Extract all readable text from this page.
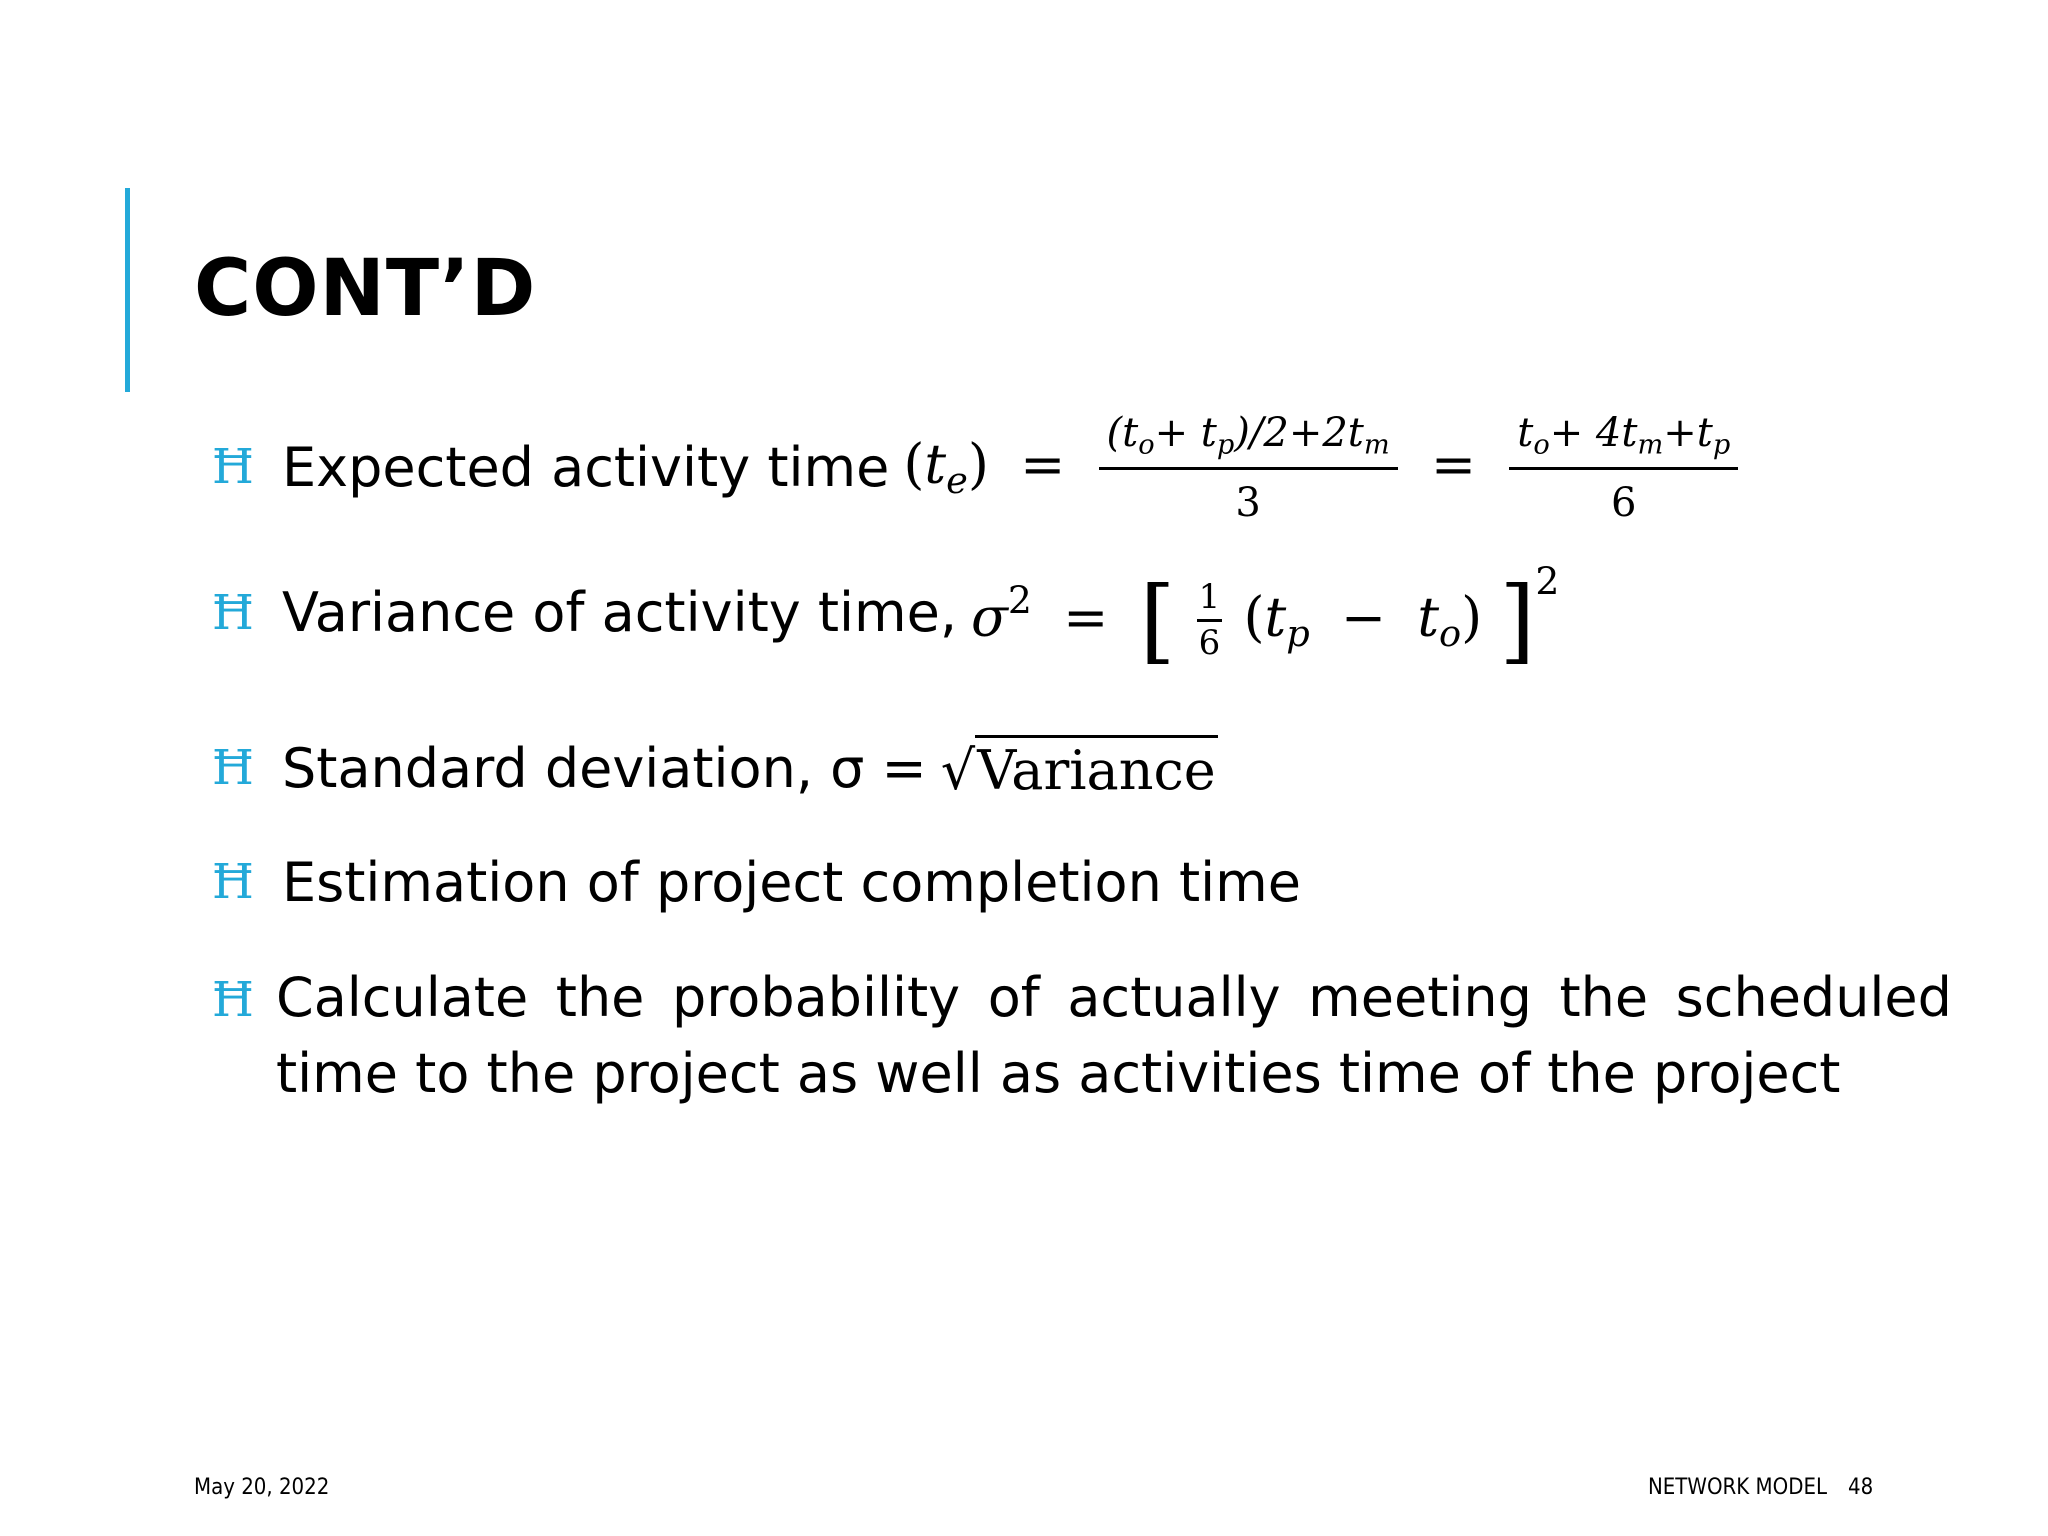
CONT’D
Ħ Expected activity time $(t_e) = \frac{(t_o+ t_p)/2+2t_m}{3} = \frac{t_o+ 4t_m+t_p}{6}$
Ħ Variance of activity time, $\sigma^2$ = [ $\frac{1}{6} (t_p - t_o)$ ]$^2$
Ħ Standard deviation, σ = √ Variance
Ħ Estimation of project completion time
Ħ Calculate the probability of actually meeting the scheduled
time to the project as well as activities time of the project
May 20, 2022	NETWORK MODEL 48
